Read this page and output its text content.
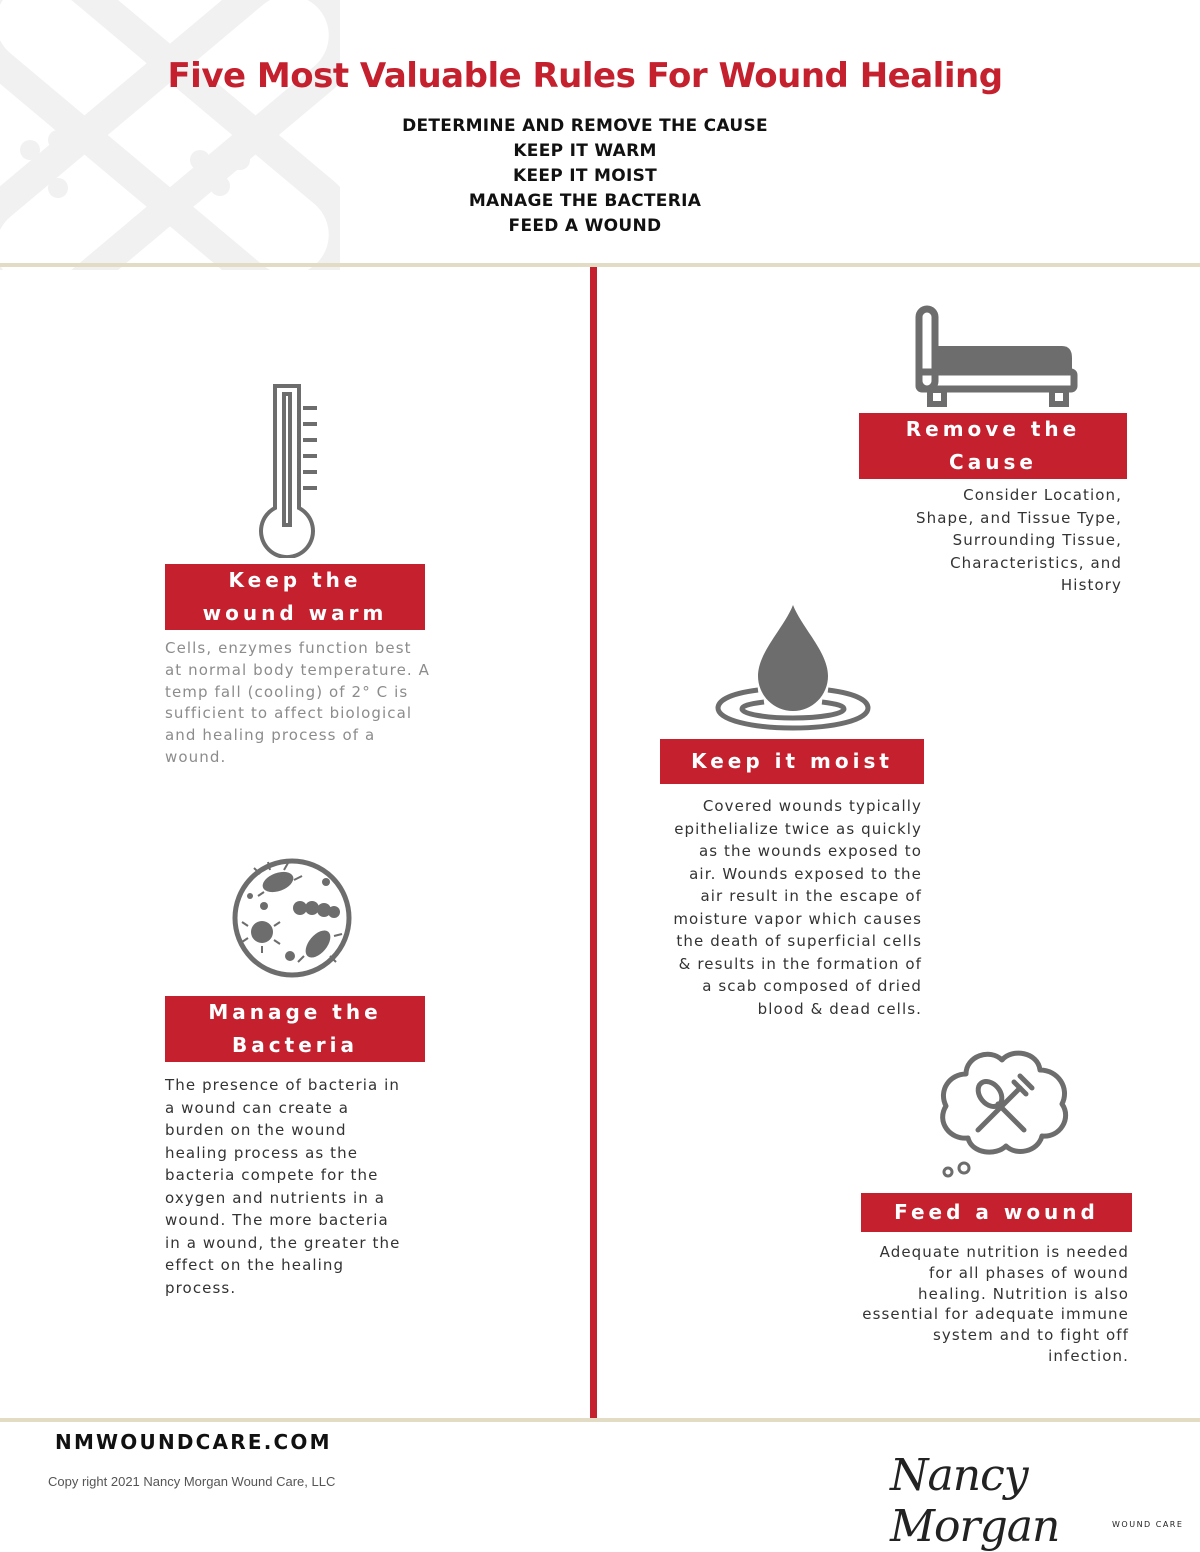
Five Most Valuable Rules For Wound Healing
DETERMINE AND REMOVE THE CAUSE
KEEP IT WARM
KEEP IT MOIST
MANAGE THE BACTERIA
FEED A WOUND
Remove the
Cause
Consider Location,
Shape, and Tissue Type,
Surrounding Tissue,
Characteristics, and
History
Keep the
wound warm
Cells, enzymes function best
at normal body temperature. A
temp fall (cooling) of 2° C is
sufficient to affect biological
and healing process of a
wound.	Keep it moist
Covered wounds typically
epithelialize twice as quickly
as the wounds exposed to
air. Wounds exposed to the
air result in the escape of
moisture vapor which causes
the death of superficial cells
& results in the formation of
a scab composed of dried
blood & dead cells.
Manage the
Bacteria
The presence of bacteria in
a wound can create a
burden on the wound
healing process as the
bacteria compete for the
oxygen and nutrients in a
wound. The more bacteria
in a wound, the greater the
effect on the healing
process.
Feed a wound
Adequate nutrition is needed
for all phases of wound
healing. Nutrition is also
essential for adequate immune
system and to fight off
infection.
NMWOUNDCARE.COM
Copy right 2021 Nancy Morgan Wound Care, LLC	Nancy Morgan	WOUND CARE
